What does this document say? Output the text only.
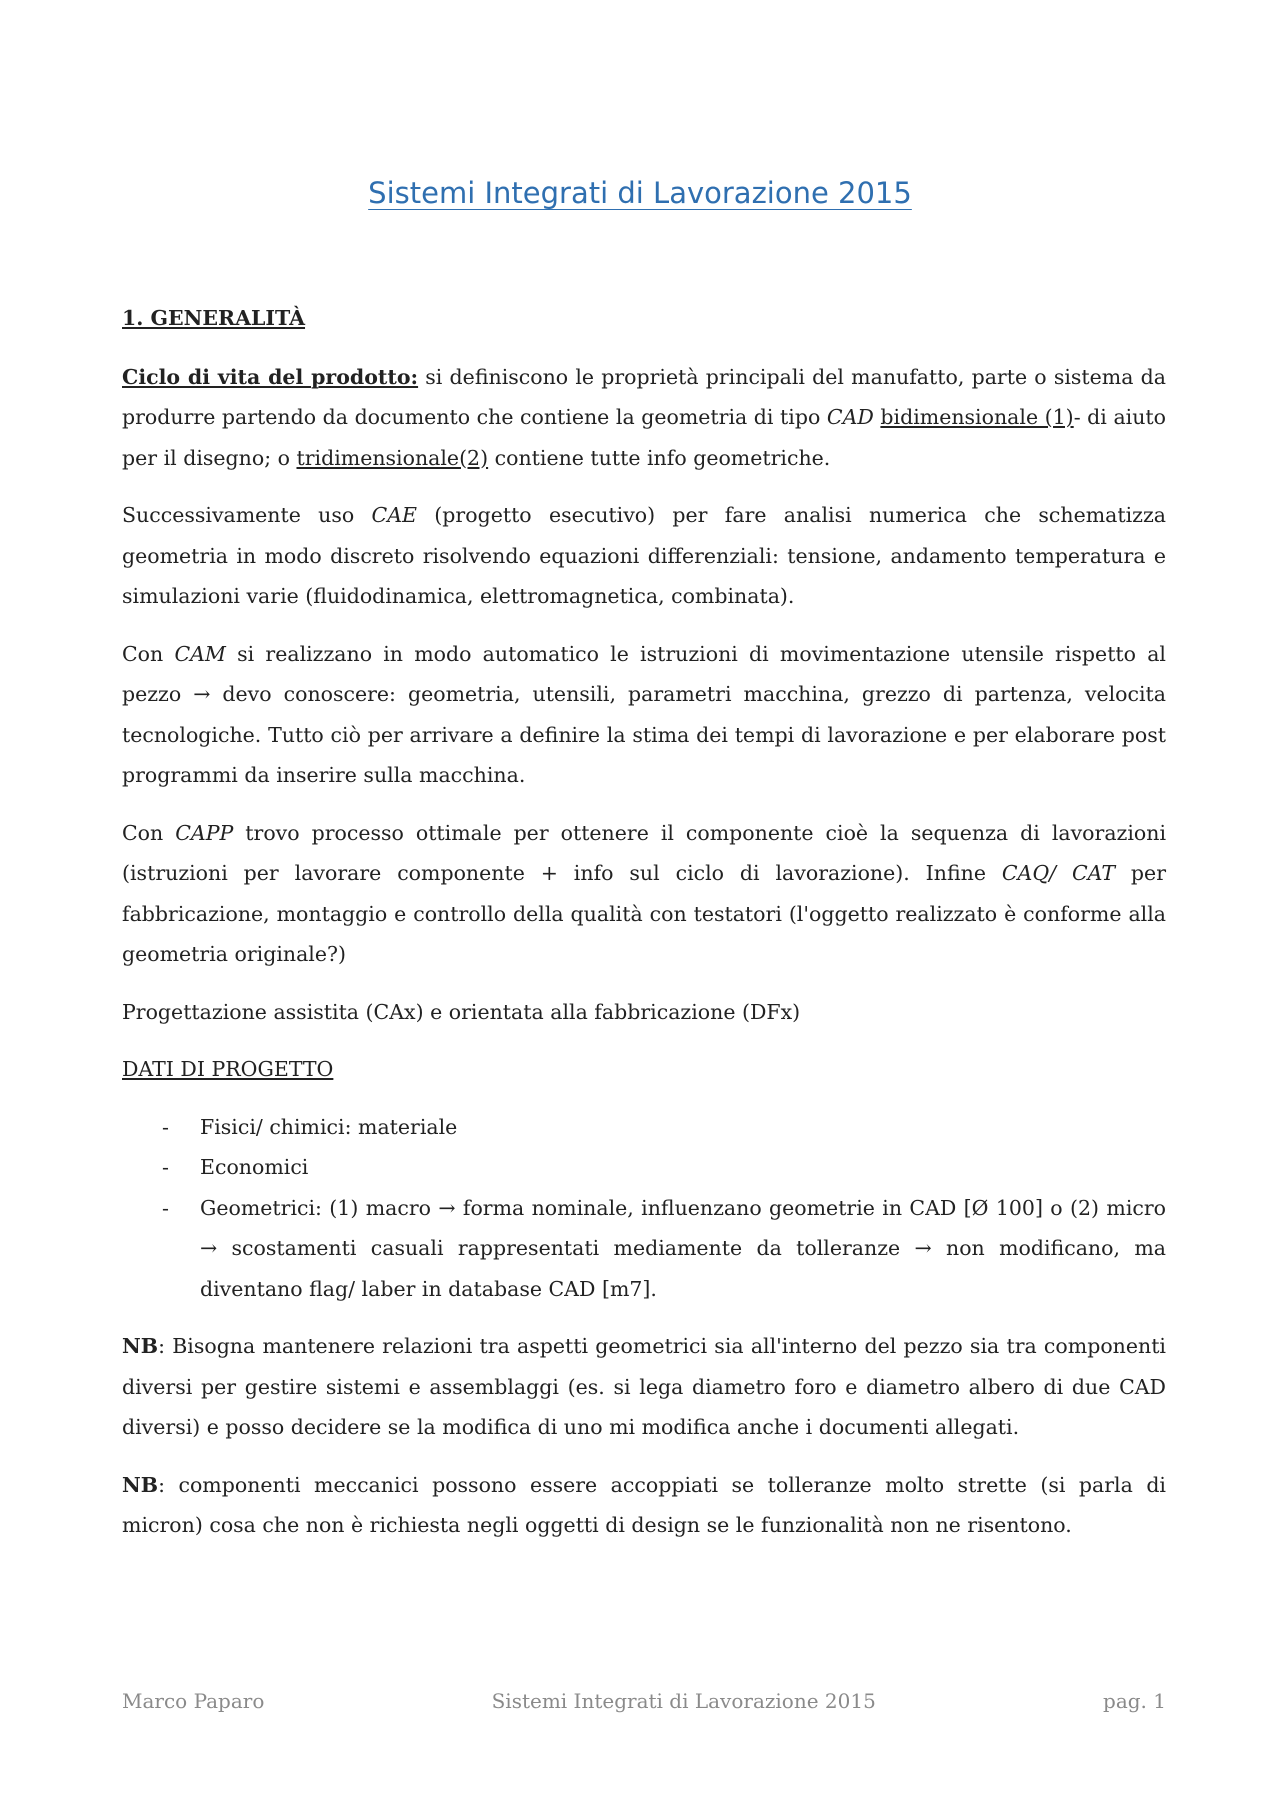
Sistemi Integrati di Lavorazione 2015
1. GENERALITÀ

Ciclo di vita del prodotto: si definiscono le proprietà principali del manufatto, parte o sistema da produrre partendo da documento che contiene la geometria di tipo CAD bidimensionale (1)- di aiuto per il disegno; o tridimensionale(2) contiene tutte info geometriche.

Successivamente uso CAE (progetto esecutivo) per fare analisi numerica che schematizza geometria in modo discreto risolvendo equazioni differenziali: tensione, andamento temperatura e simulazioni varie (fluidodinamica, elettromagnetica, combinata).

Con CAM si realizzano in modo automatico le istruzioni di movimentazione utensile rispetto al pezzo → devo conoscere: geometria, utensili, parametri macchina, grezzo di partenza, velocita tecnologiche. Tutto ciò per arrivare a definire la stima dei tempi di lavorazione e per elaborare post programmi da inserire sulla macchina.

Con CAPP trovo processo ottimale per ottenere il componente cioè la sequenza di lavorazioni (istruzioni per lavorare componente + info sul ciclo di lavorazione). Infine CAQ/ CAT per fabbricazione, montaggio e controllo della qualità con testatori (l'oggetto realizzato è conforme alla geometria originale?)

Progettazione assistita (CAx) e orientata alla fabbricazione (DFx)

DATI DI PROGETTO
- Fisici/ chimici: materiale
- Economici
- Geometrici: (1) macro → forma nominale, influenzano geometrie in CAD [Ø 100] o (2) micro → scostamenti casuali rappresentati mediamente da tolleranze → non modificano, ma diventano flag/ laber in database CAD [m7].

NB: Bisogna mantenere relazioni tra aspetti geometrici sia all'interno del pezzo sia tra componenti diversi per gestire sistemi e assemblaggi (es. si lega diametro foro e diametro albero di due CAD diversi) e posso decidere se la modifica di uno mi modifica anche i documenti allegati.

NB: componenti meccanici possono essere accoppiati se tolleranze molto strette (si parla di micron) cosa che non è richiesta negli oggetti di design se le funzionalità non ne risentono.

Marco Paparo	Sistemi Integrati di Lavorazione 2015	pag. 1
